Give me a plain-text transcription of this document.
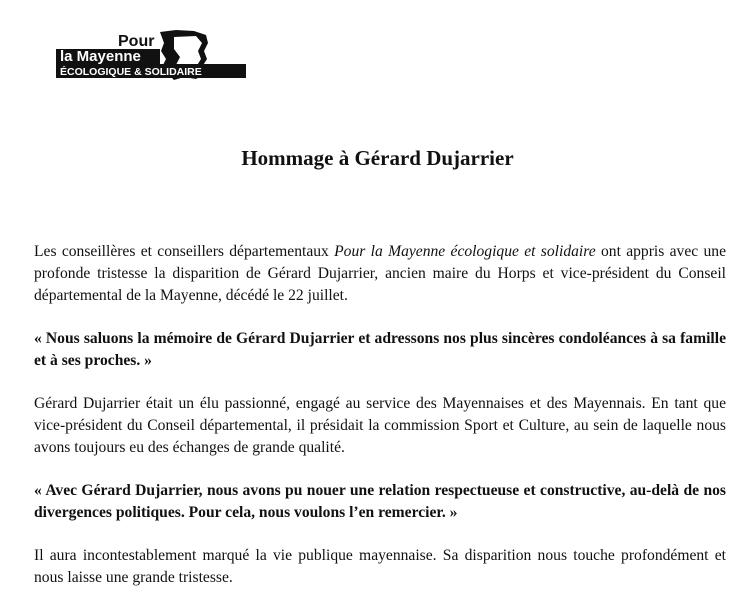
Pour
la Mayenne
ÉCOLOGIQUE & SOLIDAIRE
Hommage à Gérard Dujarrier

Les conseillères et conseillers départementaux Pour la Mayenne écologique et solidaire ont appris avec une profonde tristesse la disparition de Gérard Dujarrier, ancien maire du Horps et vice-président du Conseil départemental de la Mayenne, décédé le 22 juillet.

« Nous saluons la mémoire de Gérard Dujarrier et adressons nos plus sincères condoléances à sa famille et à ses proches. »

Gérard Dujarrier était un élu passionné, engagé au service des Mayennaises et des Mayennais. En tant que vice-président du Conseil départemental, il présidait la commission Sport et Culture, au sein de laquelle nous avons toujours eu des échanges de grande qualité.

« Avec Gérard Dujarrier, nous avons pu nouer une relation respectueuse et constructive, au-delà de nos divergences politiques. Pour cela, nous voulons l’en remercier. »

Il aura incontestablement marqué la vie publique mayennaise. Sa disparition nous touche profondément et nous laisse une grande tristesse.
